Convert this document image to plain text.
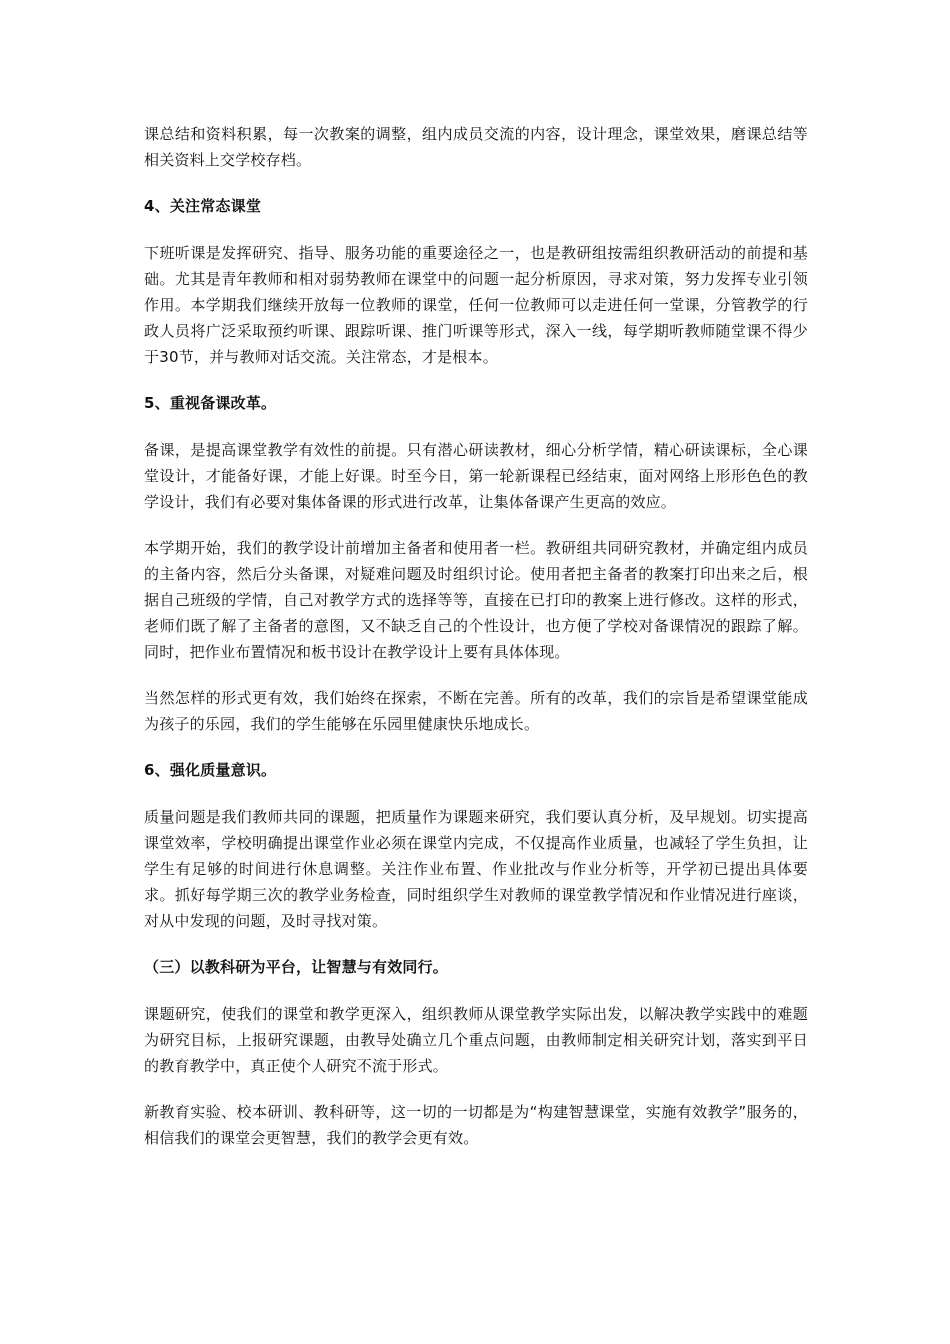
课总结和资料积累，每一次教案的调整，组内成员交流的内容，设计理念，课堂效果，磨课总结等相关资料上交学校存档。

4、关注常态课堂

下班听课是发挥研究、指导、服务功能的重要途径之一，也是教研组按需组织教研活动的前提和基础。尤其是青年教师和相对弱势教师在课堂中的问题一起分析原因，寻求对策，努力发挥专业引领作用。本学期我们继续开放每一位教师的课堂，任何一位教师可以走进任何一堂课，分管教学的行政人员将广泛采取预约听课、跟踪听课、推门听课等形式，深入一线，每学期听教师随堂课不得少于30节，并与教师对话交流。关注常态，才是根本。

5、重视备课改革。

备课，是提高课堂教学有效性的前提。只有潜心研读教材，细心分析学情，精心研读课标，全心课堂设计，才能备好课，才能上好课。时至今日，第一轮新课程已经结束，面对网络上形形色色的教学设计，我们有必要对集体备课的形式进行改革，让集体备课产生更高的效应。

本学期开始，我们的教学设计前增加主备者和使用者一栏。教研组共同研究教材，并确定组内成员的主备内容，然后分头备课，对疑难问题及时组织讨论。使用者把主备者的教案打印出来之后，根据自己班级的学情，自己对教学方式的选择等等，直接在已打印的教案上进行修改。这样的形式，老师们既了解了主备者的意图，又不缺乏自己的个性设计，也方便了学校对备课情况的跟踪了解。同时，把作业布置情况和板书设计在教学设计上要有具体体现。

当然怎样的形式更有效，我们始终在探索，不断在完善。所有的改革，我们的宗旨是希望课堂能成为孩子的乐园，我们的学生能够在乐园里健康快乐地成长。

6、强化质量意识。

质量问题是我们教师共同的课题，把质量作为课题来研究，我们要认真分析，及早规划。切实提高课堂效率，学校明确提出课堂作业必须在课堂内完成，不仅提高作业质量，也减轻了学生负担，让学生有足够的时间进行休息调整。关注作业布置、作业批改与作业分析等，开学初已提出具体要求。抓好每学期三次的教学业务检查，同时组织学生对教师的课堂教学情况和作业情况进行座谈，对从中发现的问题，及时寻找对策。

（三）以教科研为平台，让智慧与有效同行。

课题研究，使我们的课堂和教学更深入，组织教师从课堂教学实际出发，以解决教学实践中的难题为研究目标，上报研究课题，由教导处确立几个重点问题，由教师制定相关研究计划，落实到平日的教育教学中，真正使个人研究不流于形式。

新教育实验、校本研训、教科研等，这一切的一切都是为“构建智慧课堂，实施有效教学”服务的，相信我们的课堂会更智慧，我们的教学会更有效。
